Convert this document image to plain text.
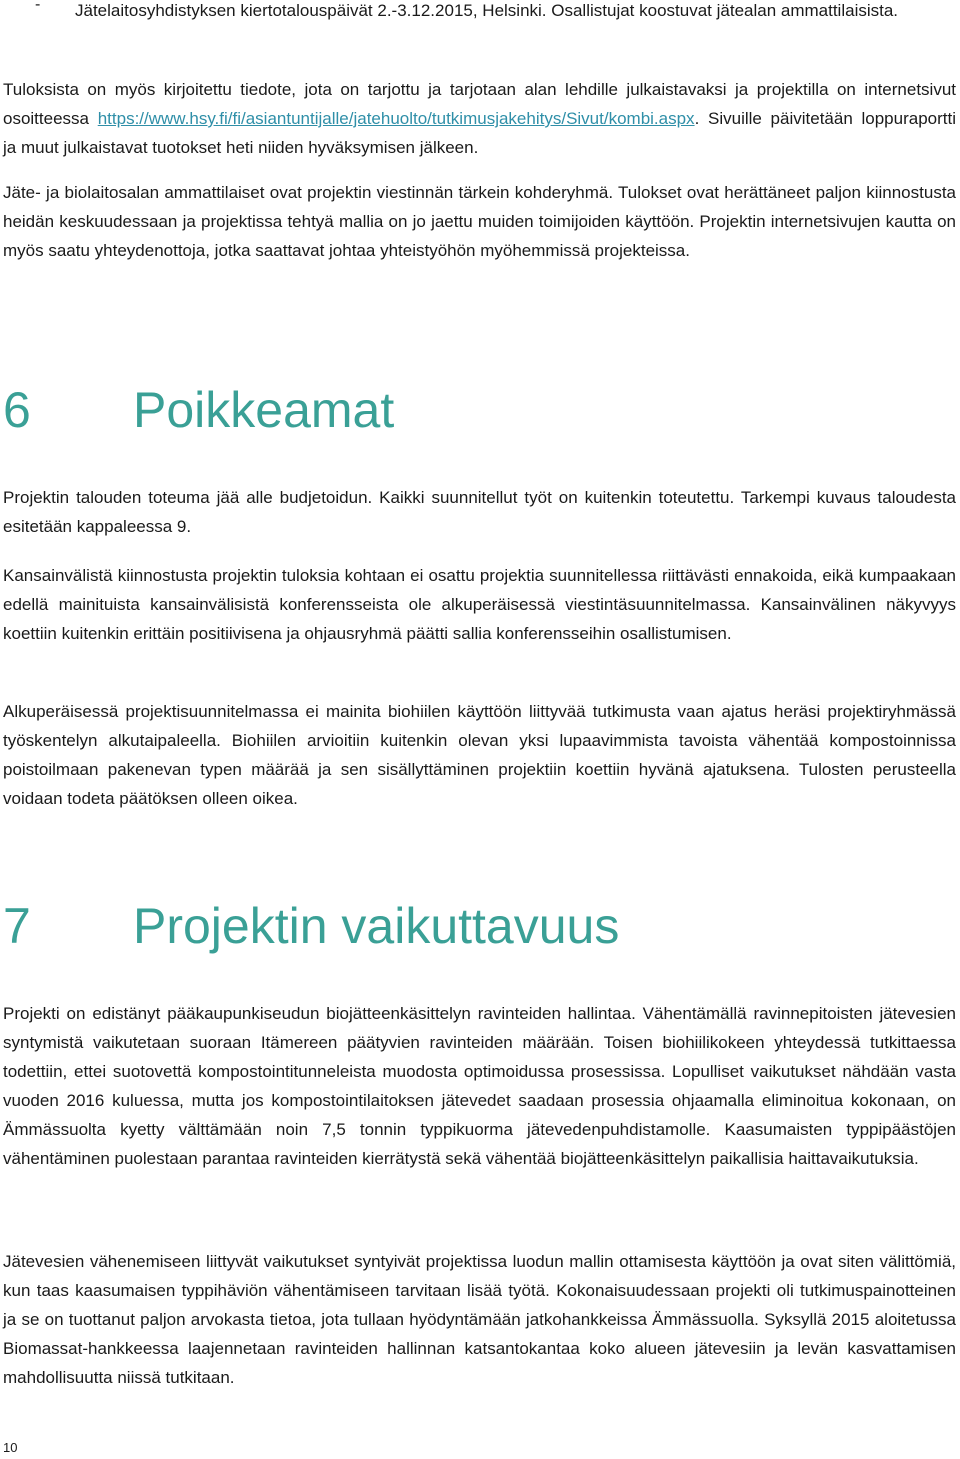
- Jätelaitosyhdistyksen kiertotalouspäivät 2.-3.12.2015, Helsinki. Osallistujat koostuvat jätealan ammattilaisista.

Tuloksista on myös kirjoitettu tiedote, jota on tarjottu ja tarjotaan alan lehdille julkaistavaksi ja projektilla on internetsivut osoitteessa https://www.hsy.fi/fi/asiantuntijalle/jatehuolto/tutkimusjakehitys/Sivut/kombi.aspx. Sivuille päivitetään loppuraportti ja muut julkaistavat tuotokset heti niiden hyväksymisen jälkeen.

Jäte- ja biolaitosalan ammattilaiset ovat projektin viestinnän tärkein kohderyhmä. Tulokset ovat herättäneet paljon kiinnostusta heidän keskuudessaan ja projektissa tehtyä mallia on jo jaettu muiden toimijoiden käyttöön. Projektin internetsivujen kautta on myös saatu yhteydenottoja, jotka saattavat johtaa yhteistyöhön myöhemmissä projekteissa.

6 Poikkeamat

Projektin talouden toteuma jää alle budjetoidun. Kaikki suunnitellut työt on kuitenkin toteutettu. Tarkempi kuvaus taloudesta esitetään kappaleessa 9.

Kansainvälistä kiinnostusta projektin tuloksia kohtaan ei osattu projektia suunnitellessa riittävästi ennakoida, eikä kumpaakaan edellä mainituista kansainvälisistä konferensseista ole alkuperäisessä viestintäsuunnitelmassa. Kansainvälinen näkyvyys koettiin kuitenkin erittäin positiivisena ja ohjausryhmä päätti sallia konferensseihin osallistumisen.

Alkuperäisessä projektisuunnitelmassa ei mainita biohiilen käyttöön liittyvää tutkimusta vaan ajatus heräsi projektiryhmässä työskentelyn alkutaipaleella. Biohiilen arvioitiin kuitenkin olevan yksi lupaavimmista tavoista vähentää kompostoinnissa poistoilmaan pakenevan typen määrää ja sen sisällyttäminen projektiin koettiin hyvänä ajatuksena. Tulosten perusteella voidaan todeta päätöksen olleen oikea.

7 Projektin vaikuttavuus

Projekti on edistänyt pääkaupunkiseudun biojätteenkäsittelyn ravinteiden hallintaa. Vähentämällä ravinnepitoisten jätevesien syntymistä vaikutetaan suoraan Itämereen päätyvien ravinteiden määrään. Toisen biohiilikokeen yhteydessä tutkittaessa todettiin, ettei suotovettä kompostointitunneleista muodosta optimoidussa prosessissa. Lopulliset vaikutukset nähdään vasta vuoden 2016 kuluessa, mutta jos kompostointilaitoksen jätevedet saadaan prosessia ohjaamalla eliminoitua kokonaan, on Ämmässuolta kyetty välttämään noin 7,5 tonnin typpikuorma jätevedenpuhdistamolle. Kaasumaisten typpipäästöjen vähentäminen puolestaan parantaa ravinteiden kierrätystä sekä vähentää biojätteenkäsittelyn paikallisia haittavaikutuksia.

Jätevesien vähenemiseen liittyvät vaikutukset syntyivät projektissa luodun mallin ottamisesta käyttöön ja ovat siten välittömiä, kun taas kaasumaisen typpihäviön vähentämiseen tarvitaan lisää työtä. Kokonaisuudessaan projekti oli tutkimuspainotteinen ja se on tuottanut paljon arvokasta tietoa, jota tullaan hyödyntämään jatkohankkeissa Ämmässuolla. Syksyllä 2015 aloitetussa Biomassat-hankkeessa laajennetaan ravinteiden hallinnan katsantokantaa koko alueen jätevesiin ja levän kasvattamisen mahdollisuutta niissä tutkitaan.

10
